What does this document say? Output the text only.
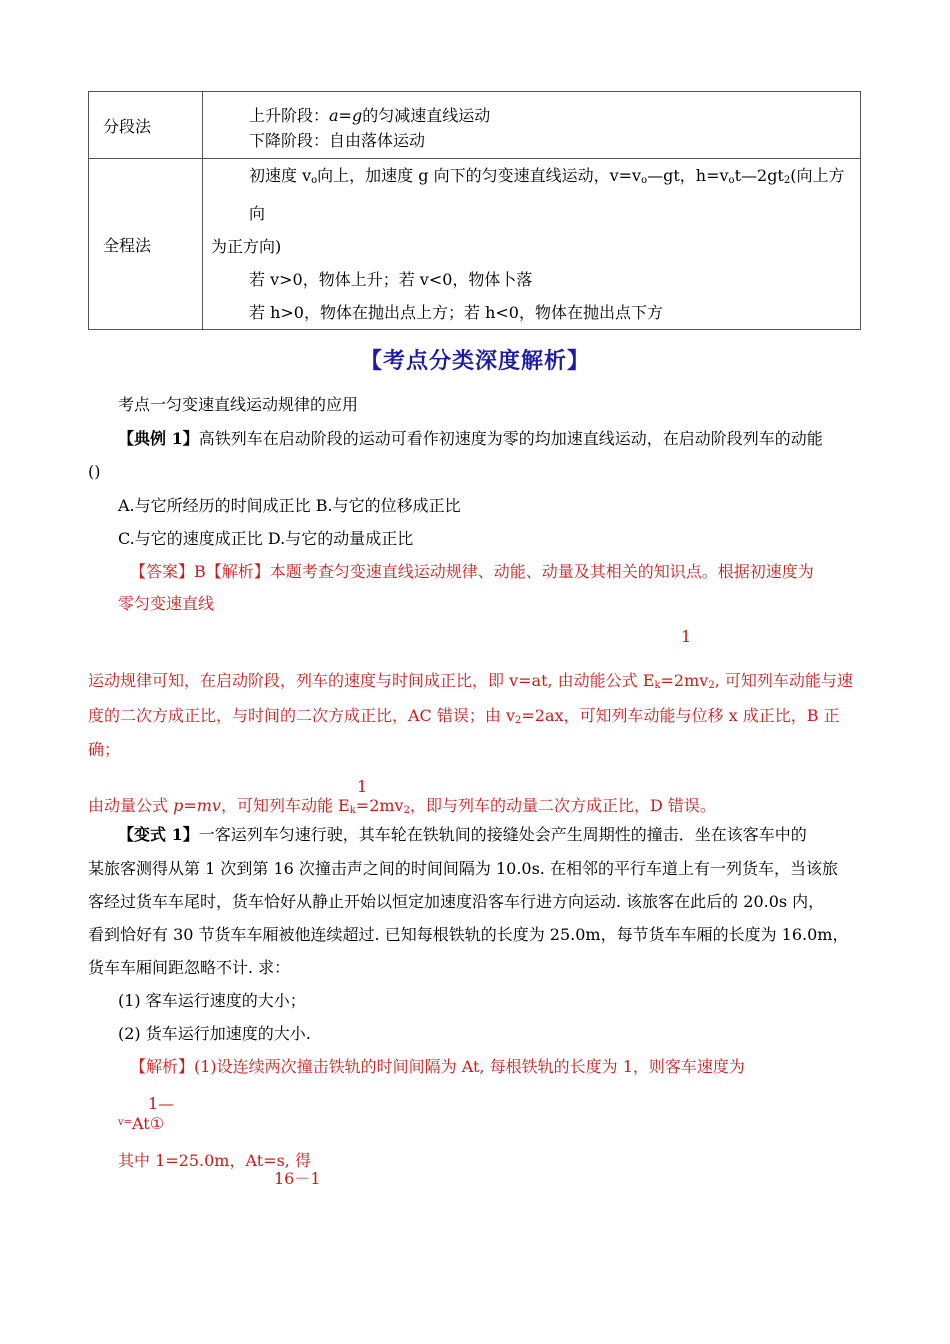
分段法	上升阶段：a=g的匀减速直线运动
下降阶段：自由落体运动

全程法	初速度 $v_o$向上，加速度 g 向下的匀变速直线运动，$v=v_o—gt$，$h=v_ot—2gt_2$(向上方向
为正方向)
若 v>0，物体上升；若 v<0，物体卜落
若 h>0，物体在抛出点上方；若 h<0，物体在抛出点下方
【考点分类深度解析】
考点一匀变速直线运动规律的应用
【典例 1】高铁列车在启动阶段的运动可看作初速度为零的均加速直线运动，在启动阶段列车的动能
()
A.与它所经历的时间成正比 B.与它的位移成正比
C.与它的速度成正比 D.与它的动量成正比
【答案】B【解析】本题考查匀变速直线运动规律、动能、动量及其相关的知识点。根据初速度为
零匀变速直线
1
运动规律可知，在启动阶段，列车的速度与时间成正比，即 v=at, 由动能公式 $E_k=2mv_2$, 可知列车动能与速
度的二次方成正比，与时间的二次方成正比，AC 错误；由 $v_2=2ax$，可知列车动能与位移 x 成正比，B 正
确；
1
由动量公式 p=mv，可知列车动能 $E_k=2mv_2$，即与列车的动量二次方成正比，D 错误。
【变式 1】一客运列车匀速行驶，其车轮在铁轨间的接缝处会产生周期性的撞击．坐在该客车中的
某旅客测得从第 1 次到第 16 次撞击声之间的时间间隔为 10.0s. 在相邻的平行车道上有一列货车，当该旅
客经过货车车尾时，货车恰好从静止开始以恒定加速度沿客车行进方向运动. 该旅客在此后的 20.0s 内，
看到恰好有 30 节货车车厢被他连续超过. 已知每根铁轨的长度为 25.0m，每节货车车厢的长度为 16.0m，
货车车厢间距忽略不计. 求：
(1) 客车运行速度的大小；
(2) 货车运行加速度的大小.
【解析】(1)设连续两次撞击铁轨的时间间隔为 At, 每根铁轨的长度为 1，则客车速度为
1—
$^{v=}$At①
其中 1=25.0m，At=s, 得
16－1
